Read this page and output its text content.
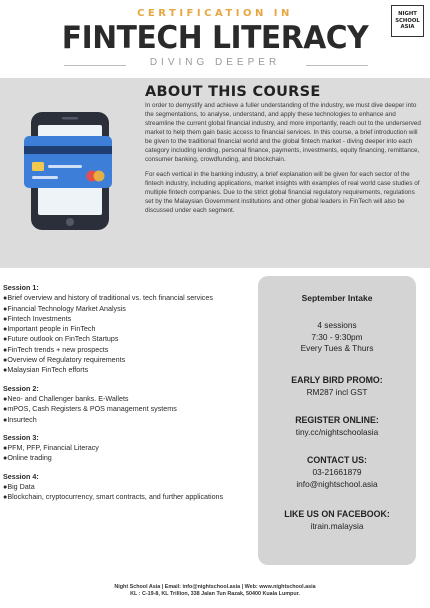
CERTIFICATION IN
FINTECH LITERACY
DIVING DEEPER
NIGHT
SCHOOL
ASIA
ABOUT THIS COURSE
In order to demystify and achieve a fuller understanding of the industry, we must dive deeper into the segmentations, to analyse, understand, and apply these technologies to enhance and streamline the current global financial industry, and more importantly, reach out to the underserved market to help them gain basic access to financial services. In this course, a brief introduction will be given to the traditional financial world and the global fintech market - diving deeper into each category including lending, personal finance, payments, investments, equity financing, remittance, consumer banking, crowdfunding, and blockchain.
For each vertical in the banking industry, a brief explanation will be given for each sector of the fintech industry, including applications, market insights with examples of real world case studies of multiple fintech companies. Due to the strict global financial regulatory requirements, regulations set by the Malaysian Government institutions and other global leaders in FinTech will also be discussed under each segment.
Session 1:
●Brief overview and history of traditional vs. tech financial services
●Financial Technology Market Analysis
●Fintech Investments
●Important people in FinTech
●Future outlook on FinTech Startups
●FinTech trends + new prospects
●Overview of Regulatory requirements
●Malaysian FinTech efforts
Session 2:
●Neo- and Challenger banks. E-Wallets
●mPOS, Cash Registers & POS management systems
●Insurtech
Session 3:
●PFM, PFP, Financial Literacy
●Online trading
Session 4:
●Big Data
●Blockchain, cryptocurrency, smart contracts, and further applications
September Intake
4 sessions
7:30 - 9:30pm
Every Tues & Thurs
EARLY BIRD PROMO:
RM287 incl GST
REGISTER ONLINE:
tiny.cc/nightschoolasia
CONTACT US:
03-21661879
info@nightschool.asia
LIKE US ON FACEBOOK:
itrain.malaysia
Night School Asia | Email: info@nightschool.asia | Web: www.nightschool.asia
KL : C-19-8, KL Trillion, 338 Jalan Tun Razak, 50400 Kuala Lumpur.
